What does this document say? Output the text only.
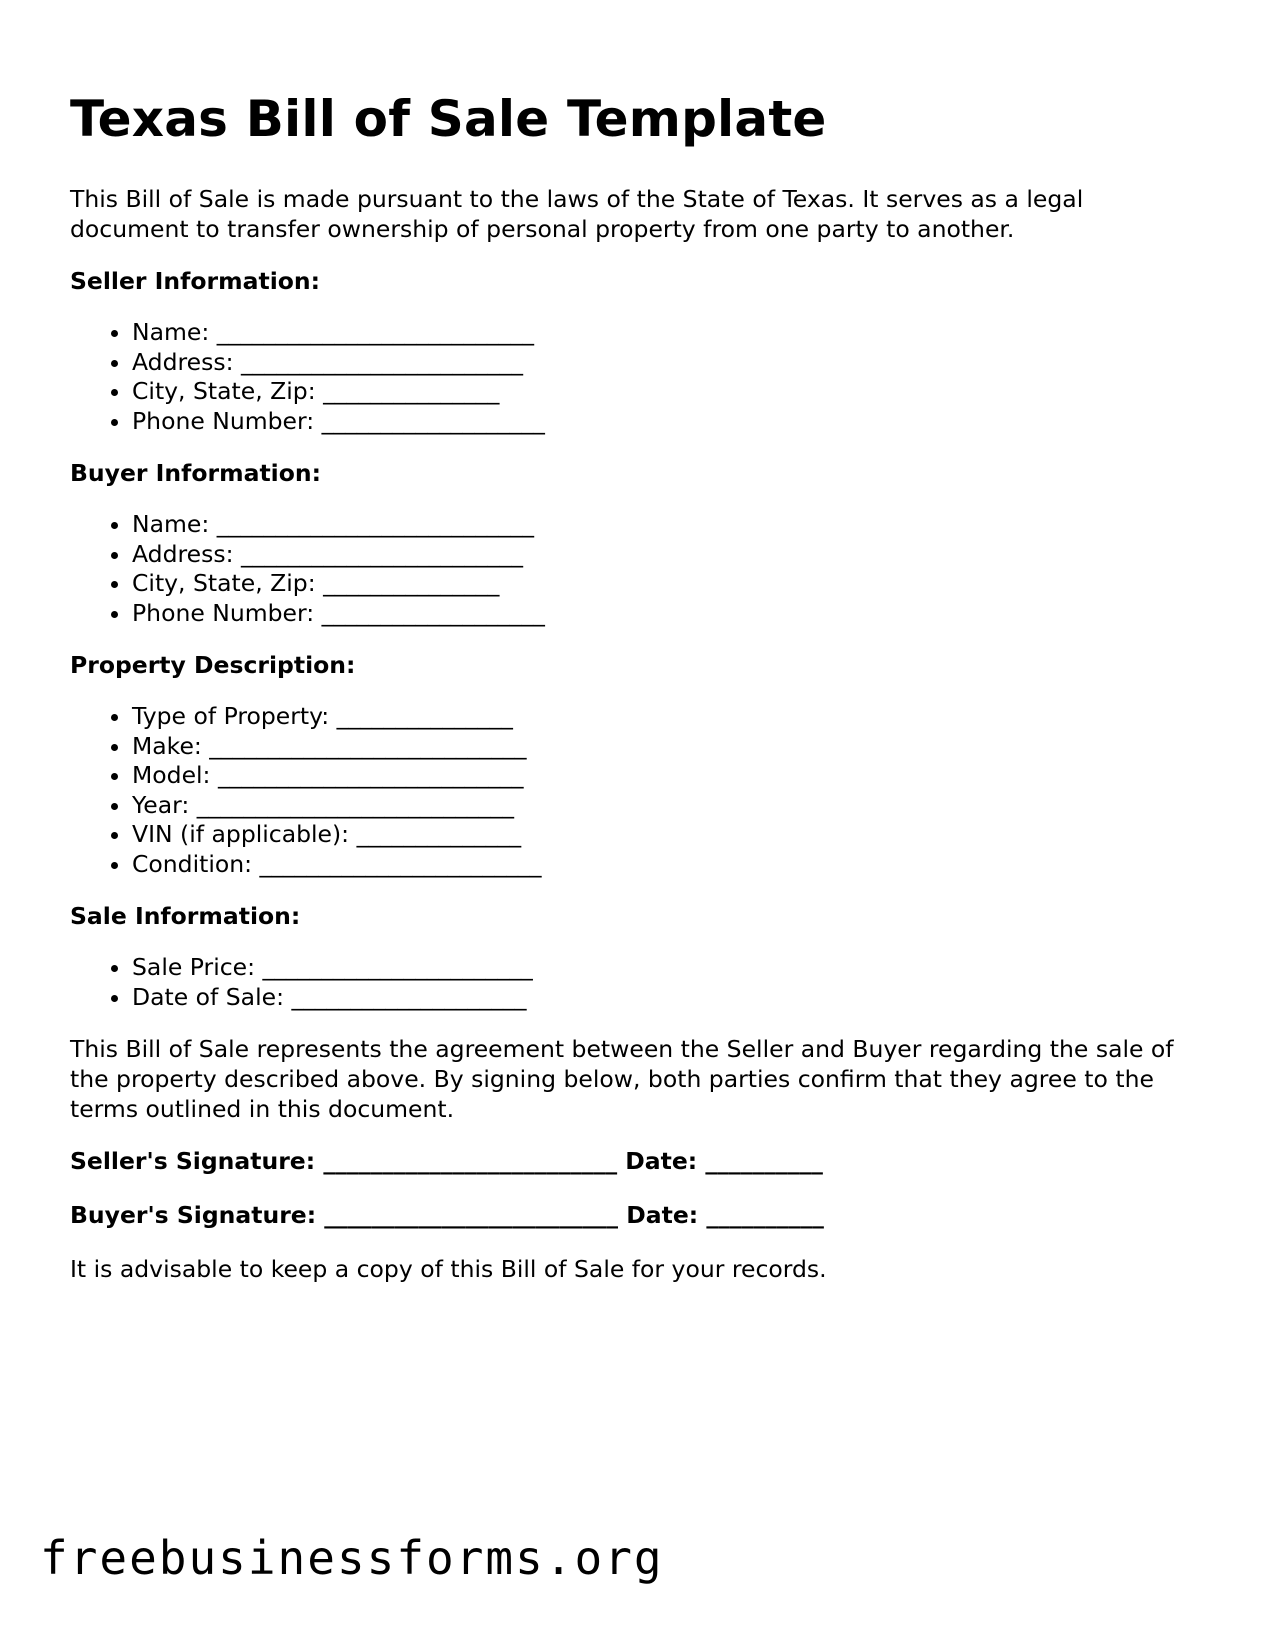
Texas Bill of Sale Template

This Bill of Sale is made pursuant to the laws of the State of Texas. It serves as a legal document to transfer ownership of personal property from one party to another.

Seller Information:
• Name: ___________________________
• Address: ________________________
• City, State, Zip: _______________
• Phone Number: ___________________
Buyer Information:
• Name: ___________________________
• Address: ________________________
• City, State, Zip: _______________
• Phone Number: ___________________
Property Description:
• Type of Property: _______________
• Make: ___________________________
• Model: __________________________
• Year: ___________________________
• VIN (if applicable): ______________
• Condition: ________________________
Sale Information:
• Sale Price: _______________________
• Date of Sale: ____________________

This Bill of Sale represents the agreement between the Seller and Buyer regarding the sale of the property described above. By signing below, both parties confirm that they agree to the terms outlined in this document.

Seller's Signature: _________________________ Date: __________
Buyer's Signature: _________________________ Date: __________

It is advisable to keep a copy of this Bill of Sale for your records.

freebusinessforms.org
